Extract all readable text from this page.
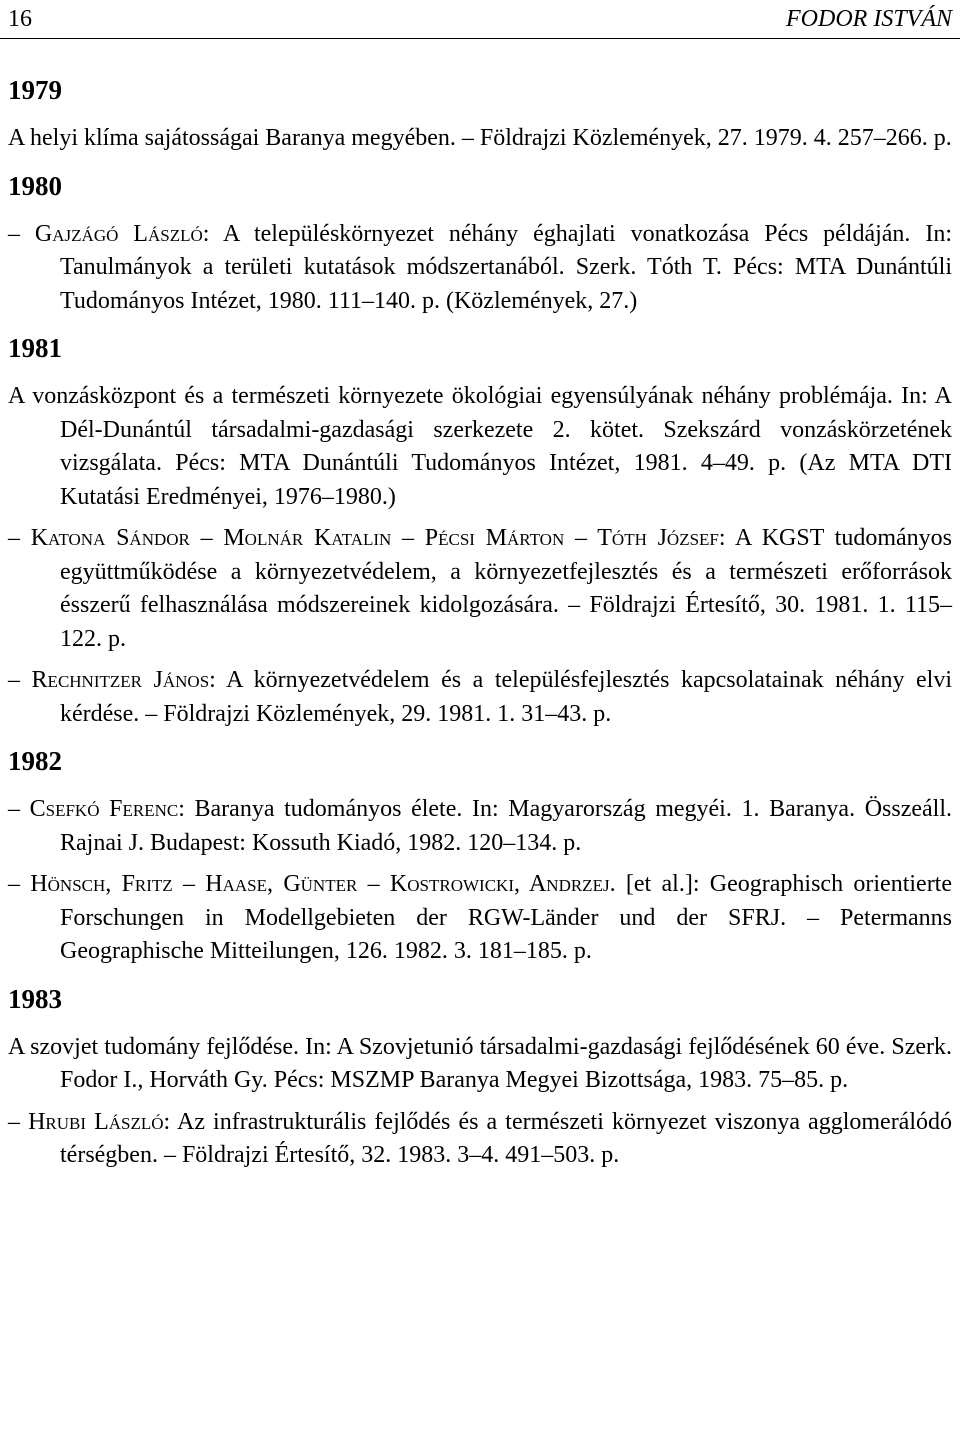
16	FODOR ISTVÁN
1979
A helyi klíma sajátosságai Baranya megyében. – Földrajzi Közlemények, 27. 1979. 4. 257–266. p.
1980
– Gajzágó László: A településkörnyezet néhány éghajlati vonatkozása Pécs példáján. In: Tanulmányok a területi kutatások módszertanából. Szerk. Tóth T. Pécs: MTA Dunántúli Tudományos Intézet, 1980. 111–140. p. (Közlemények, 27.)
1981
A vonzásközpont és a természeti környezete ökológiai egyensúlyának néhány problémája. In: A Dél-Dunántúl társadalmi-gazdasági szerkezete 2. kötet. Szekszárd vonzáskörzetének vizsgálata. Pécs: MTA Dunántúli Tudományos Intézet, 1981. 4–49. p. (Az MTA DTI Kutatási Eredményei, 1976–1980.)
– Katona Sándor – Molnár Katalin – Pécsi Márton – Tóth József: A KGST tudományos együttműködése a környezetvédelem, a környezetfejlesztés és a természeti erőforrások ésszerű felhasználása módszereinek kidolgozására. – Földrajzi Értesítő, 30. 1981. 1. 115–122. p.
– Rechnitzer János: A környezetvédelem és a településfejlesztés kapcsolatainak néhány elvi kérdése. – Földrajzi Közlemények, 29. 1981. 1. 31–43. p.
1982
– Csefkó Ferenc: Baranya tudományos élete. In: Magyarország megyéi. 1. Baranya. Összeáll. Rajnai J. Budapest: Kossuth Kiadó, 1982. 120–134. p.
– Hönsch, Fritz – Haase, Günter – Kostrowicki, Andrzej. [et al.]: Geographisch orientierte Forschungen in Modellgebieten der RGW-Länder und der SFRJ. – Petermanns Geographische Mitteilungen, 126. 1982. 3. 181–185. p.
1983
A szovjet tudomány fejlődése. In: A Szovjetunió társadalmi-gazdasági fejlődésének 60 éve. Szerk. Fodor I., Horváth Gy. Pécs: MSZMP Baranya Megyei Bizottsága, 1983. 75–85. p.
– Hrubi László: Az infrastrukturális fejlődés és a természeti környezet viszonya agglomerálódó térségben. – Földrajzi Értesítő, 32. 1983. 3–4. 491–503. p.
